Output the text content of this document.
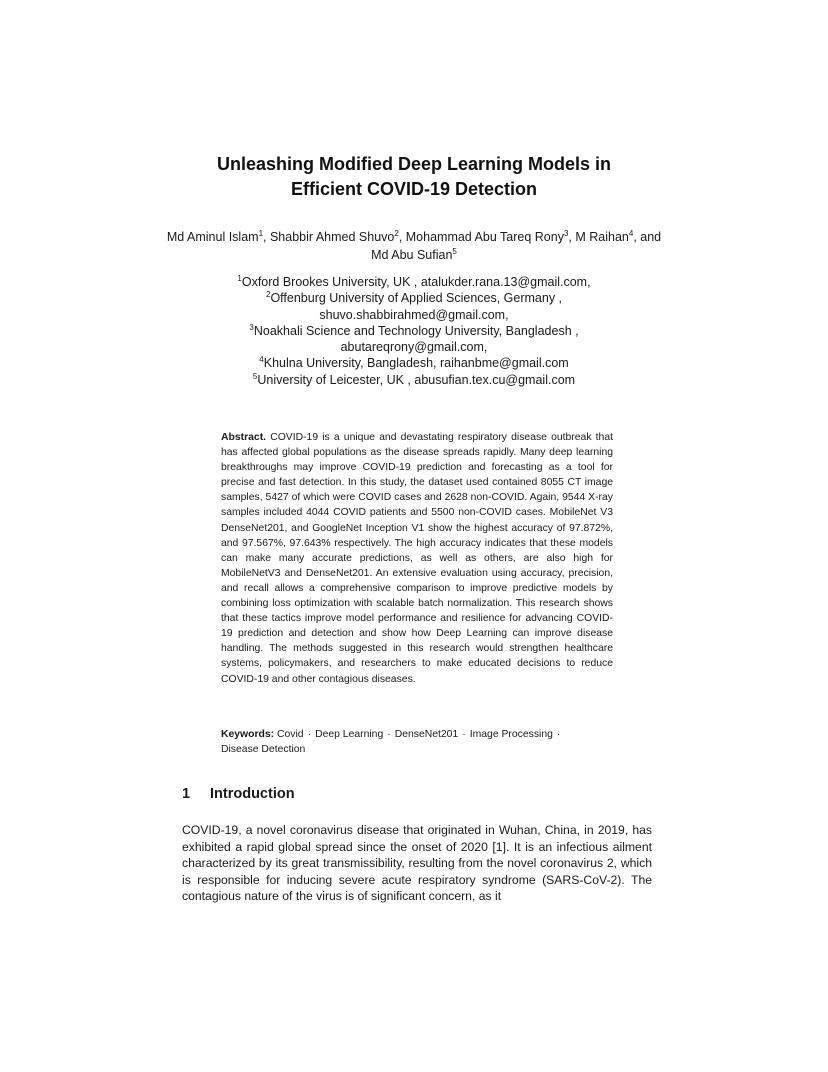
Unleashing Modified Deep Learning Models in
Efficient COVID-19 Detection
Md Aminul Islam$^1$, Shabbir Ahmed Shuvo$^2$, Mohammad Abu Tareq Rony$^3$, M Raihan$^4$, and Md Abu Sufian$^5$
$^1$Oxford Brookes University, UK , atalukder.rana.13@gmail.com,
$^2$Offenburg University of Applied Sciences, Germany ,
shuvo.shabbirahmed@gmail.com,
$^3$Noakhali Science and Technology University, Bangladesh ,
abutareqrony@gmail.com,
$^4$Khulna University, Bangladesh, raihanbme@gmail.com
$^5$University of Leicester, UK , abusufian.tex.cu@gmail.com
Abstract. COVID-19 is a unique and devastating respiratory disease outbreak that has affected global populations as the disease spreads rapidly. Many deep learning breakthroughs may improve COVID-19 prediction and forecasting as a tool for precise and fast detection. In this study, the dataset used contained 8055 CT image samples, 5427 of which were COVID cases and 2628 non-COVID. Again, 9544 X-ray samples included 4044 COVID patients and 5500 non-COVID cases. MobileNet V3 DenseNet201, and GoogleNet Inception V1 show the highest accuracy of 97.872%, and 97.567%, 97.643% respectively. The high accuracy indicates that these models can make many accurate predictions, as well as others, are also high for MobileNetV3 and DenseNet201. An extensive evaluation using accuracy, precision, and recall allows a comprehensive comparison to improve predictive models by combining loss optimization with scalable batch normalization. This research shows that these tactics improve model performance and resilience for advancing COVID-19 prediction and detection and show how Deep Learning can improve disease handling. The methods suggested in this research would strengthen healthcare systems, policymakers, and researchers to make educated decisions to reduce COVID-19 and other contagious diseases.
Keywords: Covid · Deep Learning · DenseNet201 · Image Processing ·
Disease Detection
1 Introduction
COVID-19, a novel coronavirus disease that originated in Wuhan, China, in 2019, has exhibited a rapid global spread since the onset of 2020 [1]. It is an infectious ailment characterized by its great transmissibility, resulting from the novel coronavirus 2, which is responsible for inducing severe acute respiratory syndrome (SARS-CoV-2). The contagious nature of the virus is of significant concern, as it
